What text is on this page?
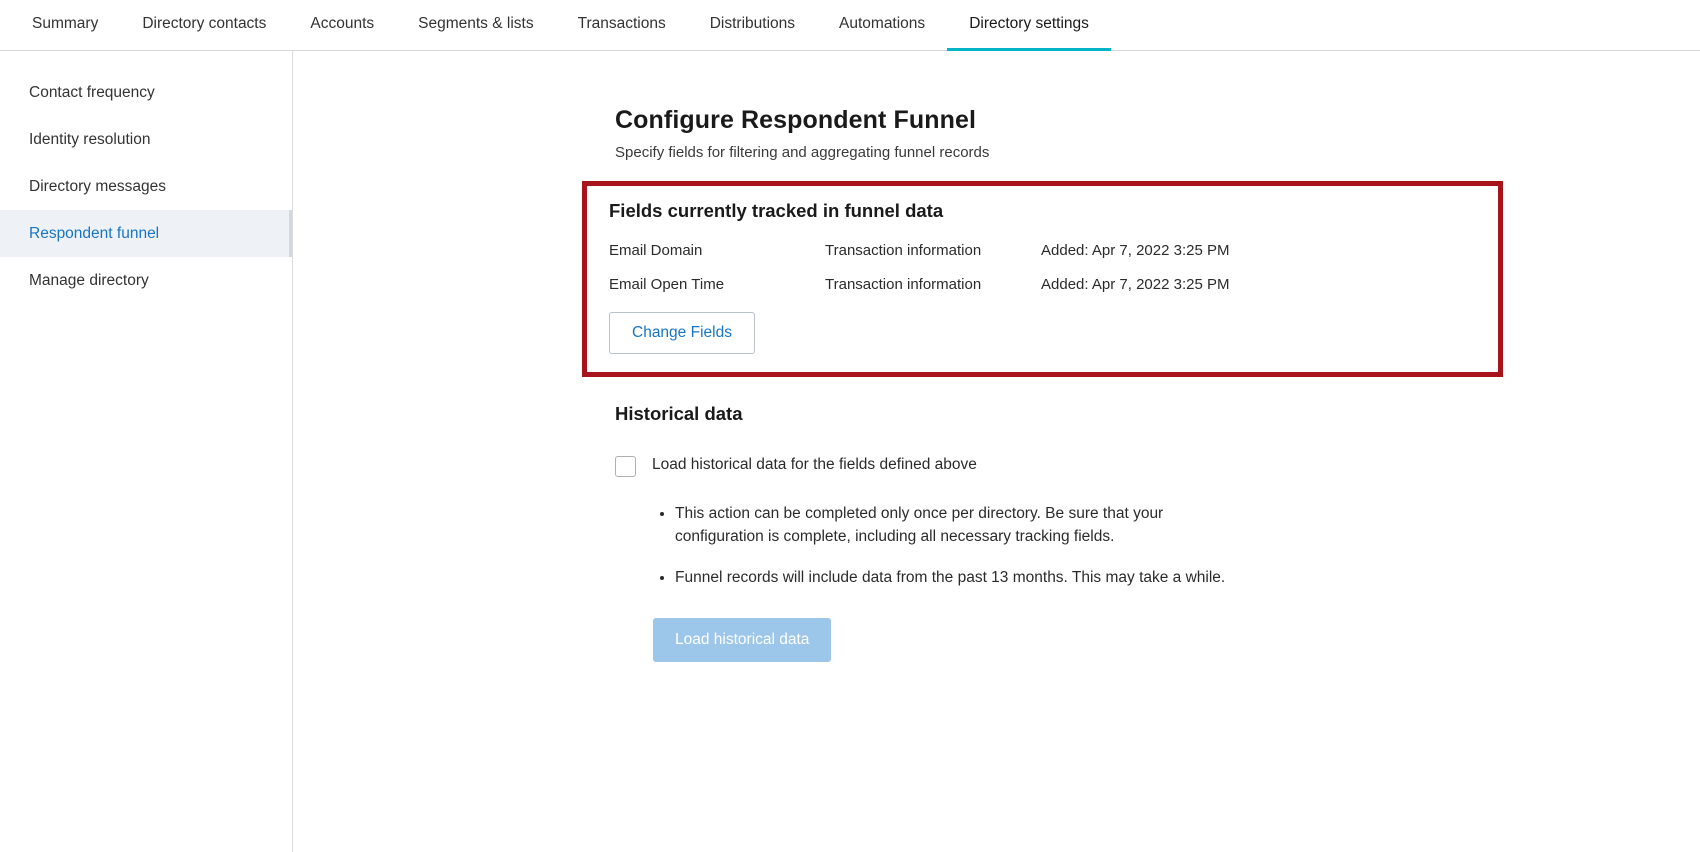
Summary	Directory contacts	Accounts	Segments & lists	Transactions	Distributions	Automations	Directory settings
Contact frequency
Identity resolution
Directory messages
Respondent funnel
Manage directory
Configure Respondent Funnel

Specify fields for filtering and aggregating funnel records

Fields currently tracked in funnel data
Email Domain	Transaction information	Added: Apr 7, 2022 3:25 PM
Email Open Time	Transaction information	Added: Apr 7, 2022 3:25 PM
Change Fields
Historical data
Load historical data for the fields defined above
• This action can be completed only once per directory. Be sure that your configuration is complete, including all necessary tracking fields.
• Funnel records will include data from the past 13 months. This may take a while.
Load historical data
